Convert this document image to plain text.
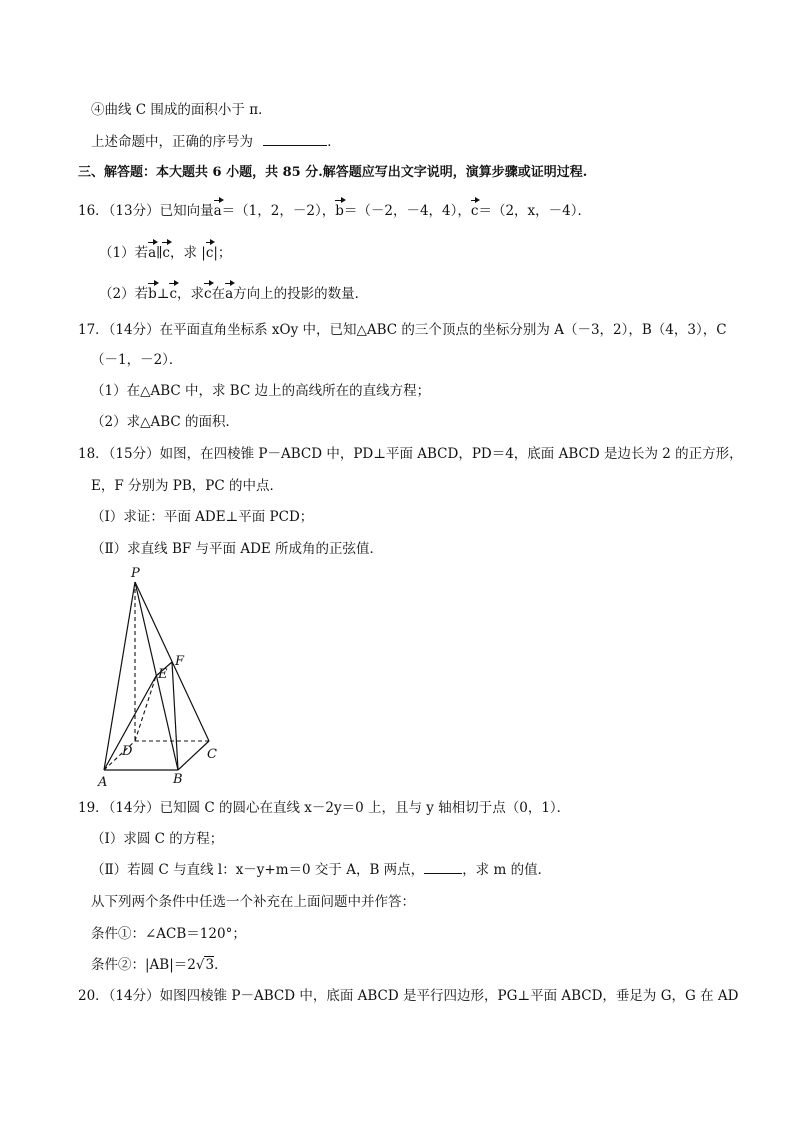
④曲线 C 围成的面积小于 π．
上述命题中，正确的序号为	．
三、解答题：本大题共 6 小题，共 85 分.解答题应写出文字说明，演算步骤或证明过程.
16．（13分）已知向量a＝（1，2，－2），b＝（－2，－4，4），c＝（2，x，－4）．
（1）若a∥c，求 |c|；
（2）若b⊥c，求c在a方向上的投影的数量．
17．（14分）在平面直角坐标系 xOy 中，已知△ABC 的三个顶点的坐标分别为 A（－3，2），B（4，3），C
（－1，－2）．
（1）在△ABC 中，求 BC 边上的高线所在的直线方程；
（2）求△ABC 的面积．
18．（15分）如图，在四棱锥 P－ABCD 中，PD⊥平面 ABCD，PD＝4，底面 ABCD 是边长为 2 的正方形，
E，F 分别为 PB，PC 的中点．
（Ⅰ）求证：平面 ADE⊥平面 PCD；
（Ⅱ）求直线 BF 与平面 ADE 所成角的正弦值．
P
E
F
D	C
A	B
19．（14分）已知圆 C 的圆心在直线 x－2y＝0 上，且与 y 轴相切于点（0，1）．
（Ⅰ）求圆 C 的方程；
（Ⅱ）若圆 C 与直线 l：x－y+m＝0 交于 A，B 两点，	，求 m 的值．
从下列两个条件中任选一个补充在上面问题中并作答：
条件①：∠ACB＝120°；
条件②：|AB|＝2√3．
20．（14分）如图四棱锥 P－ABCD 中，底面 ABCD 是平行四边形，PG⊥平面 ABCD，垂足为 G，G 在 AD
